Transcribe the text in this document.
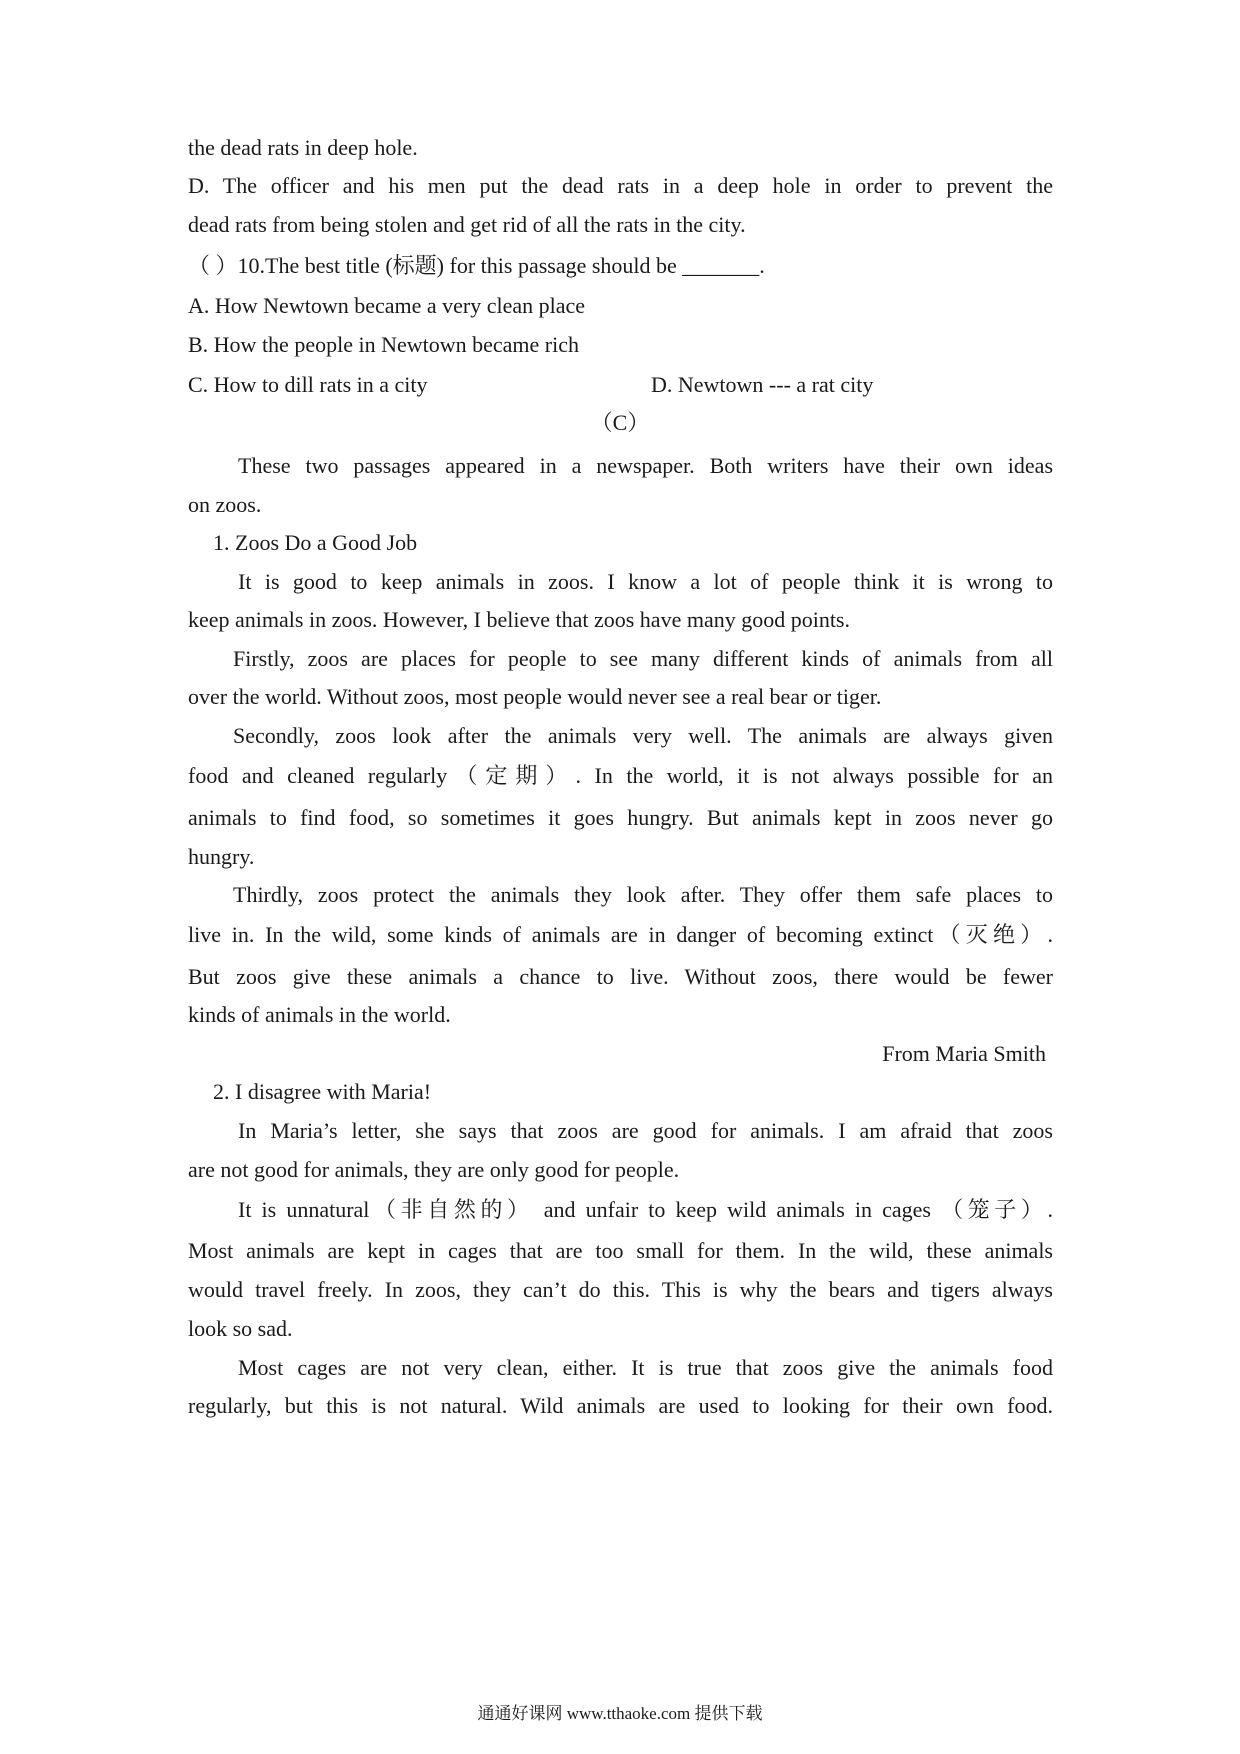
the dead rats in deep hole.
D. The officer and his men put the dead rats in a deep hole in order to prevent the
dead rats from being stolen and get rid of all the rats in the city.
（ ）10.The best title (标题) for this passage should be _______.
A. How Newtown became a very clean place
B. How the people in Newtown became rich
C. How to dill rats in a city	D. Newtown --- a rat city
（C）
These two passages appeared in a newspaper. Both writers have their own ideas
on zoos.
1. Zoos Do a Good Job
It is good to keep animals in zoos. I know a lot of people think it is wrong to
keep animals in zoos. However, I believe that zoos have many good points.
Firstly, zoos are places for people to see many different kinds of animals from all
over the world. Without zoos, most people would never see a real bear or tiger.
Secondly, zoos look after the animals very well. The animals are always given
food and cleaned regularly（定期）. In the world, it is not always possible for an
animals to find food, so sometimes it goes hungry. But animals kept in zoos never go
hungry.
Thirdly, zoos protect the animals they look after. They offer them safe places to
live in. In the wild, some kinds of animals are in danger of becoming extinct（灭绝）.
But zoos give these animals a chance to live. Without zoos, there would be fewer
kinds of animals in the world.
From Maria Smith
2. I disagree with Maria!
In Maria’s letter, she says that zoos are good for animals. I am afraid that zoos
are not good for animals, they are only good for people.
It is unnatural（非自然的） and unfair to keep wild animals in cages （笼子）.
Most animals are kept in cages that are too small for them. In the wild, these animals
would travel freely. In zoos, they can’t do this. This is why the bears and tigers always
look so sad.
Most cages are not very clean, either. It is true that zoos give the animals food
regularly, but this is not natural. Wild animals are used to looking for their own food.
通通好课网 www.tthaoke.com 提供下载
